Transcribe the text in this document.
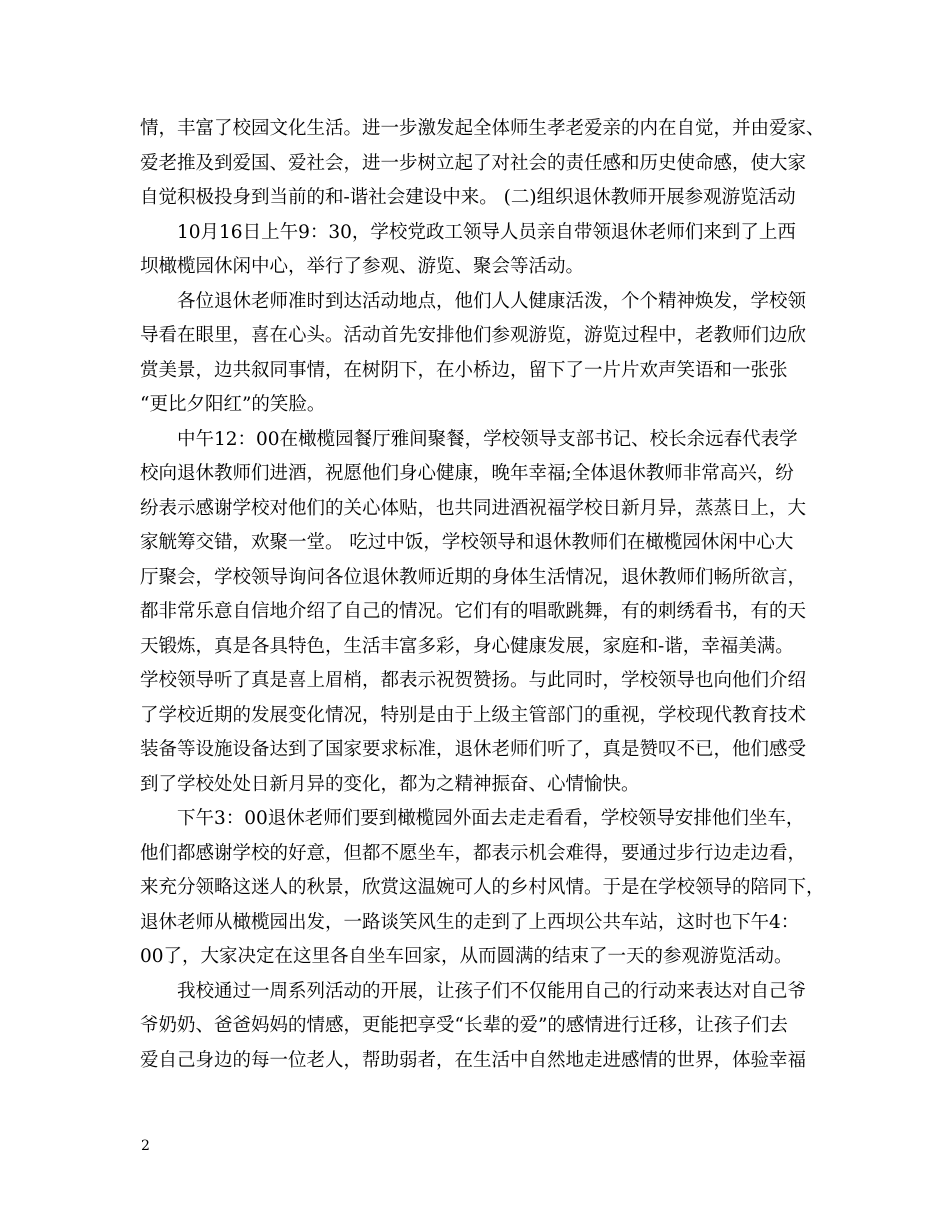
情，丰富了校园文化生活。进一步激发起全体师生孝老爱亲的内在自觉，并由爱家、
爱老推及到爱国、爱社会，进一步树立起了对社会的责任感和历史使命感，使大家
自觉积极投身到当前的和-谐社会建设中来。 (二)组织退休教师开展参观游览活动
　　10月16日上午9：30，学校党政工领导人员亲自带领退休老师们来到了上西
坝橄榄园休闲中心，举行了参观、游览、聚会等活动。
　　各位退休老师准时到达活动地点，他们人人健康活泼，个个精神焕发，学校领
导看在眼里，喜在心头。活动首先安排他们参观游览，游览过程中，老教师们边欣
赏美景，边共叙同事情，在树阴下，在小桥边，留下了一片片欢声笑语和一张张
“更比夕阳红”的笑脸。
　　中午12：00在橄榄园餐厅雅间聚餐，学校领导支部书记、校长余远春代表学
校向退休教师们进酒，祝愿他们身心健康，晚年幸福;全体退休教师非常高兴，纷
纷表示感谢学校对他们的关心体贴，也共同进酒祝福学校日新月异，蒸蒸日上，大
家觥筹交错，欢聚一堂。 吃过中饭，学校领导和退休教师们在橄榄园休闲中心大
厅聚会，学校领导询问各位退休教师近期的身体生活情况，退休教师们畅所欲言，
都非常乐意自信地介绍了自己的情况。它们有的唱歌跳舞，有的刺绣看书，有的天
天锻炼，真是各具特色，生活丰富多彩，身心健康发展，家庭和-谐，幸福美满。
学校领导听了真是喜上眉梢，都表示祝贺赞扬。与此同时，学校领导也向他们介绍
了学校近期的发展变化情况，特别是由于上级主管部门的重视，学校现代教育技术
装备等设施设备达到了国家要求标准，退休老师们听了，真是赞叹不已，他们感受
到了学校处处日新月异的变化，都为之精神振奋、心情愉快。
　　下午3：00退休老师们要到橄榄园外面去走走看看，学校领导安排他们坐车，
他们都感谢学校的好意，但都不愿坐车，都表示机会难得，要通过步行边走边看，
来充分领略这迷人的秋景，欣赏这温婉可人的乡村风情。于是在学校领导的陪同下，
退休老师从橄榄园出发，一路谈笑风生的走到了上西坝公共车站，这时也下午4：
00了，大家决定在这里各自坐车回家，从而圆满的结束了一天的参观游览活动。
　　我校通过一周系列活动的开展，让孩子们不仅能用自己的行动来表达对自己爷
爷奶奶、爸爸妈妈的情感，更能把享受“长辈的爱”的感情进行迁移，让孩子们去
爱自己身边的每一位老人，帮助弱者，在生活中自然地走进感情的世界，体验幸福
2
